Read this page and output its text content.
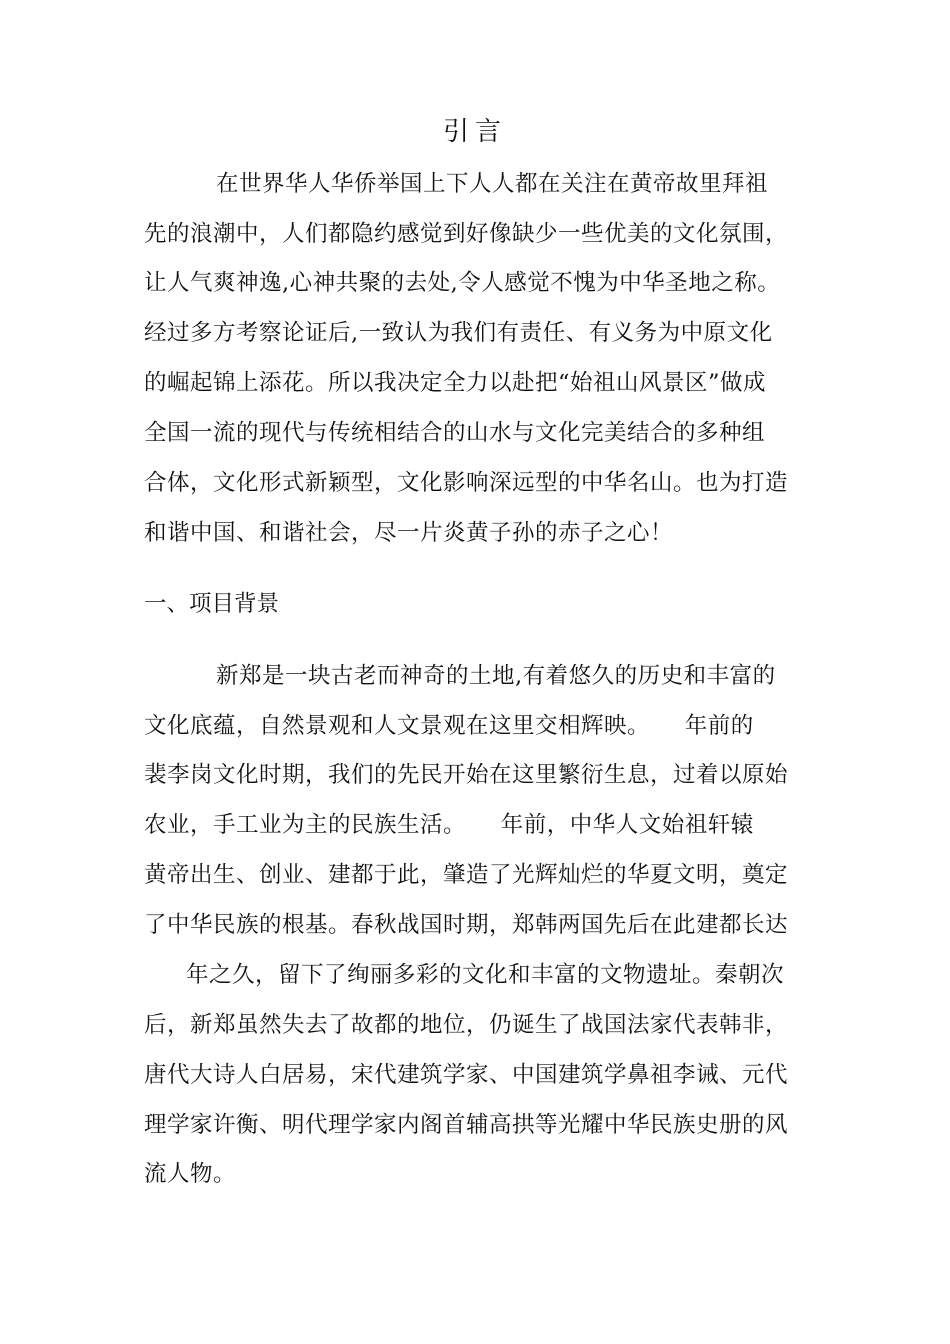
引言

在世界华人华侨举国上下人人都在关注在黄帝故里拜祖

先的浪潮中，人们都隐约感觉到好像缺少一些优美的文化氛围，

让人气爽神逸,心神共聚的去处,令人感觉不愧为中华圣地之称。

经过多方考察论证后,一致认为我们有责任、有义务为中原文化

的崛起锦上添花。所以我决定全力以赴把“始祖山风景区”做成

全国一流的现代与传统相结合的山水与文化完美结合的多种组

合体，文化形式新颖型，文化影响深远型的中华名山。也为打造

和谐中国、和谐社会，尽一片炎黄子孙的赤子之心！

一、项目背景

新郑是一块古老而神奇的土地,有着悠久的历史和丰富的

文化底蕴，自然景观和人文景观在这里交相辉映。　　年前的

裴李岗文化时期，我们的先民开始在这里繁衍生息，过着以原始

农业，手工业为主的民族生活。　　年前，中华人文始祖轩辕

黄帝出生、创业、建都于此，肇造了光辉灿烂的华夏文明，奠定

了中华民族的根基。春秋战国时期，郑韩两国先后在此建都长达

年之久，留下了绚丽多彩的文化和丰富的文物遗址。秦朝次

后，新郑虽然失去了故都的地位，仍诞生了战国法家代表韩非，

唐代大诗人白居易，宋代建筑学家、中国建筑学鼻祖李诫、元代

理学家许衡、明代理学家内阁首辅高拱等光耀中华民族史册的风

流人物。
